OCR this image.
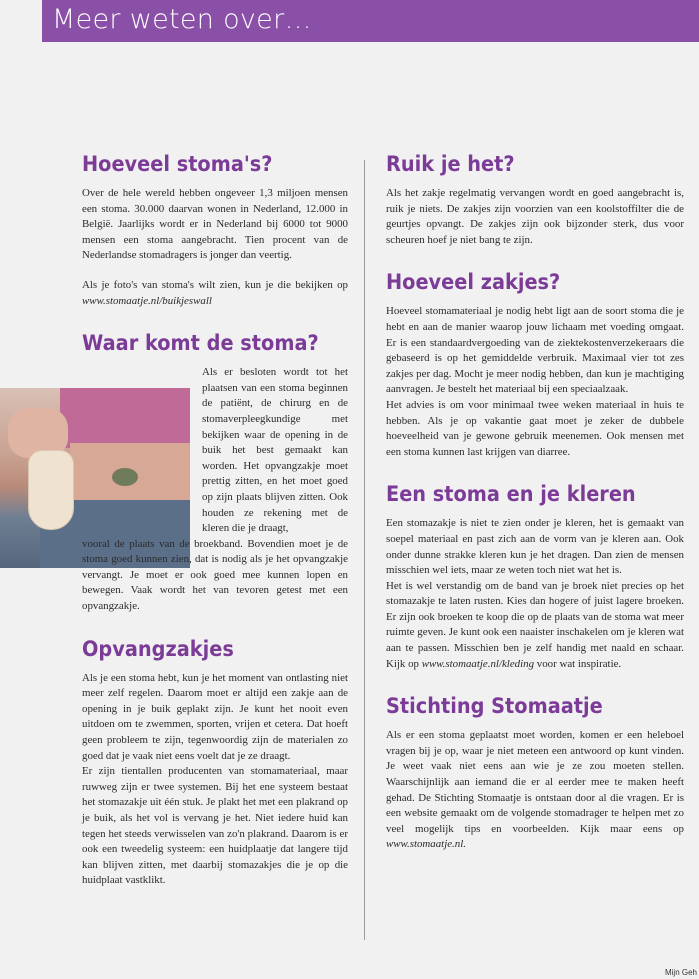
Meer weten over…
Hoeveel stoma's?

Over de hele wereld hebben ongeveer 1,3 miljoen mensen een stoma. 30.000 daarvan wonen in Nederland, 12.000 in België. Jaarlijks wordt er in Nederland bij 6000 tot 9000 mensen een stoma aangebracht. Tien procent van de Nederlandse stomadragers is jonger dan veertig.

Als je foto's van stoma's wilt zien, kun je die bekijken op www.stomaatje.nl/buikjeswall

Waar komt de stoma?

Als er besloten wordt tot het plaatsen van een stoma beginnen de patiënt, de chirurg en de stomaverpleegkundige met bekijken waar de opening in de buik het best gemaakt kan worden. Het opvangzakje moet prettig zitten, en het moet goed op zijn plaats blijven zitten. Ook houden ze rekening met de kleren die je draagt,

vooral de plaats van de broekband. Bovendien moet je de stoma goed kunnen zien, dat is nodig als je het opvangzakje vervangt. Je moet er ook goed mee kunnen lopen en bewegen. Vaak wordt het van tevoren getest met een opvangzakje.

Opvangzakjes

Als je een stoma hebt, kun je het moment van ontlasting niet meer zelf regelen. Daarom moet er altijd een zakje aan de opening in je buik geplakt zijn. Je kunt het nooit even uitdoen om te zwemmen, sporten, vrijen et cetera. Dat hoeft geen probleem te zijn, tegenwoordig zijn de materialen zo goed dat je vaak niet eens voelt dat je ze draagt.

Er zijn tientallen producenten van stomamateriaal, maar ruwweg zijn er twee systemen. Bij het ene systeem bestaat het stomazakje uit één stuk. Je plakt het met een plakrand op je buik, als het vol is vervang je het. Niet iedere huid kan tegen het steeds verwisselen van zo'n plakrand. Daarom is er ook een tweedelig systeem: een huidplaatje dat langere tijd kan blijven zitten, met daarbij stomazakjes die je op die huidplaat vastklikt.

Ruik je het?

Als het zakje regelmatig vervangen wordt en goed aangebracht is, ruik je niets. De zakjes zijn voorzien van een koolstoffilter die de geurtjes opvangt. De zakjes zijn ook bijzonder sterk, dus voor scheuren hoef je niet bang te zijn.

Hoeveel zakjes?

Hoeveel stomamateriaal je nodig hebt ligt aan de soort stoma die je hebt en aan de manier waarop jouw lichaam met voeding omgaat. Er is een standaardvergoeding van de ziektekostenverzekeraars die gebaseerd is op het gemiddelde verbruik. Maximaal vier tot zes zakjes per dag. Mocht je meer nodig hebben, dan kun je machtiging aanvragen. Je bestelt het materiaal bij een speciaalzaak.

Het advies is om voor minimaal twee weken materiaal in huis te hebben. Als je op vakantie gaat moet je zeker de dubbele hoeveelheid van je gewone gebruik meenemen. Ook mensen met een stoma kunnen last krijgen van diarree.

Een stoma en je kleren

Een stomazakje is niet te zien onder je kleren, het is gemaakt van soepel materiaal en past zich aan de vorm van je kleren aan. Ook onder dunne strakke kleren kun je het dragen. Dan zien de mensen misschien wel iets, maar ze weten toch niet wat het is.

Het is wel verstandig om de band van je broek niet precies op het stomazakje te laten rusten. Kies dan hogere of juist lagere broeken. Er zijn ook broeken te koop die op de plaats van de stoma wat meer ruimte geven. Je kunt ook een naaister inschakelen om je kleren wat aan te passen. Misschien ben je zelf handig met naald en schaar. Kijk op www.stomaatje.nl/kleding voor wat inspiratie.

Stichting Stomaatje

Als er een stoma geplaatst moet worden, komen er een heleboel vragen bij je op, waar je niet meteen een antwoord op kunt vinden. Je weet vaak niet eens aan wie je ze zou moeten stellen. Waarschijnlijk aan iemand die er al eerder mee te maken heeft gehad. De Stichting Stomaatje is ontstaan door al die vragen. Er is een website gemaakt om de volgende stomadrager te helpen met zo veel mogelijk tips en voorbeelden. Kijk maar eens op www.stomaatje.nl.

Mijn Geh
